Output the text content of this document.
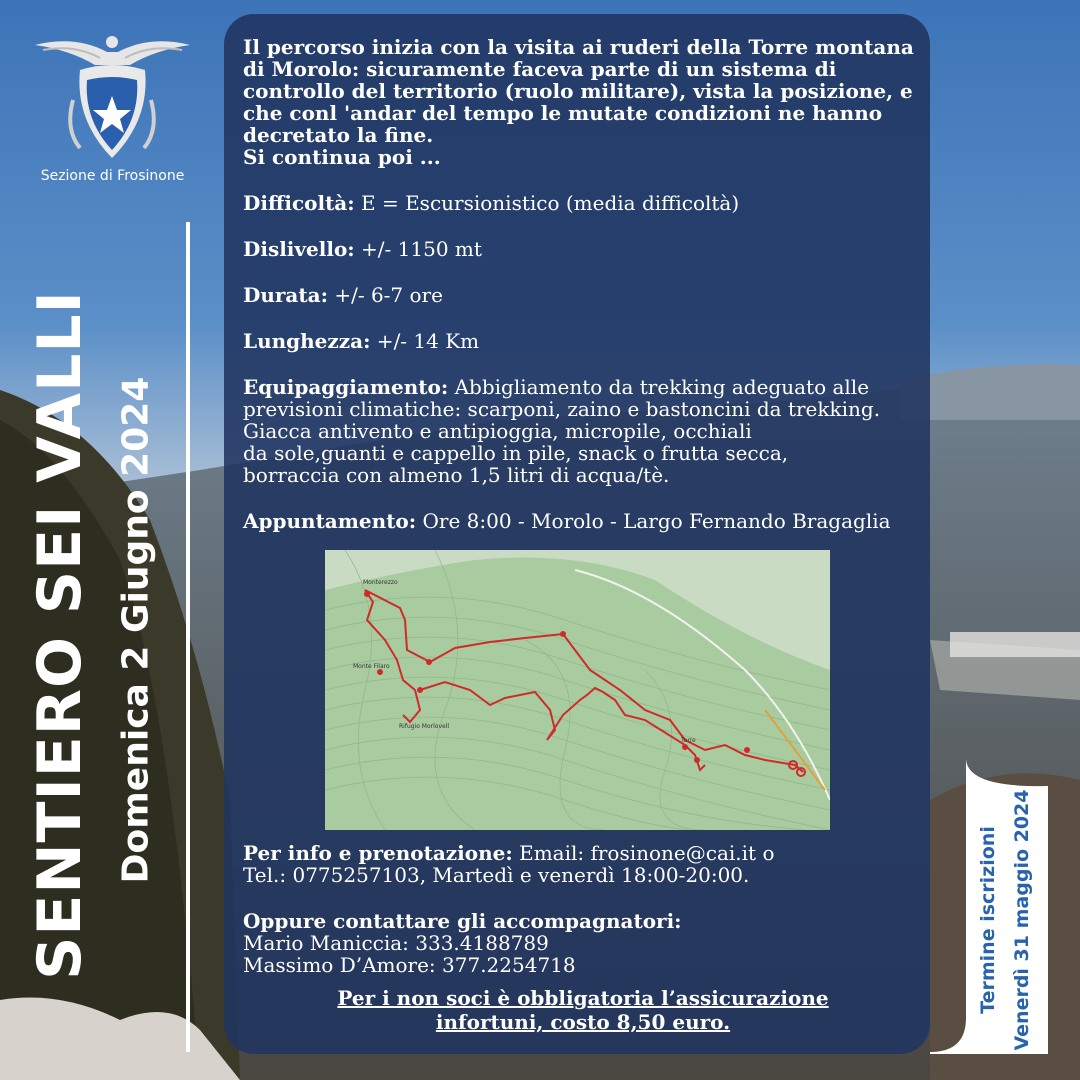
Sezione di Frosinone
SENTIERO SEI VALLI Domenica 2 Giugno 2024

Il percorso inizia con la visita ai ruderi della Torre montana

di Morolo: sicuramente faceva parte di un sistema di

controllo del territorio (ruolo militare), vista la posizione, e

che conl 'andar del tempo le mutate condizioni ne hanno

decretato la fine.

Si continua poi ...

Difficoltà: E = Escursionistico (media difficoltà)

Dislivello: +/- 1150 mt

Durata: +/- 6-7 ore

Lunghezza: +/- 14 Km

Equipaggiamento: Abbigliamento da trekking adeguato alle

previsioni climatiche: scarponi, zaino e bastoncini da trekking.

Giacca antivento e antipioggia, micropile, occhiali

da sole,guanti e cappello in pile, snack o frutta secca,

borraccia con almeno 1,5 litri di acqua/tè.

Appuntamento: Ore 8:00 - Morolo - Largo Fernando Bragaglia

Monterezzo
Monte Filaro
Rifugio Morlovell
Torre

Per info e prenotazione: Email: frosinone@cai.it o

Tel.: 0775257103, Martedì e venerdì 18:00-20:00.

Oppure contattare gli accompagnatori:

Mario Maniccia: 333.4188789

Massimo D’Amore: 377.2254718

Per i non soci è obbligatoria l’assicurazione
infortuni, costo 8,50 euro.
Termine iscrizioni Venerdì 31 maggio 2024
